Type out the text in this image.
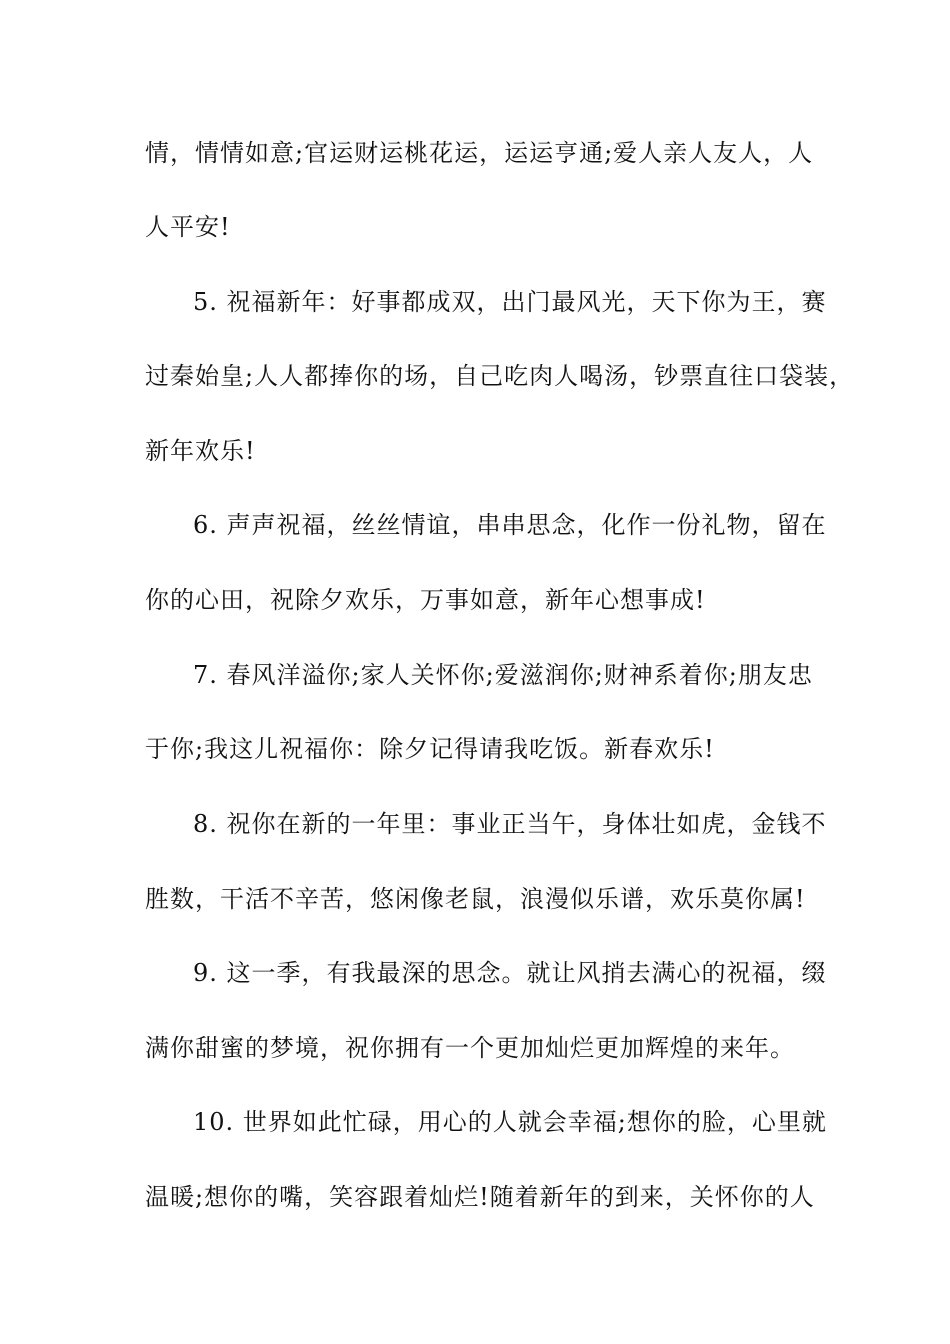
情，情情如意;官运财运桃花运，运运亨通;爱人亲人友人，人
人平安!
5. 祝福新年：好事都成双，出门最风光，天下你为王，赛
过秦始皇;人人都捧你的场，自己吃肉人喝汤，钞票直往口袋装，
新年欢乐!
6. 声声祝福，丝丝情谊，串串思念，化作一份礼物，留在
你的心田，祝除夕欢乐，万事如意，新年心想事成!
7. 春风洋溢你;家人关怀你;爱滋润你;财神系着你;朋友忠
于你;我这儿祝福你：除夕记得请我吃饭。新春欢乐!
8. 祝你在新的一年里：事业正当午，身体壮如虎，金钱不
胜数，干活不辛苦，悠闲像老鼠，浪漫似乐谱，欢乐莫你属!
9. 这一季，有我最深的思念。就让风捎去满心的祝福，缀
满你甜蜜的梦境，祝你拥有一个更加灿烂更加辉煌的来年。
10. 世界如此忙碌，用心的人就会幸福;想你的脸，心里就
温暖;想你的嘴，笑容跟着灿烂!随着新年的到来，关怀你的人
